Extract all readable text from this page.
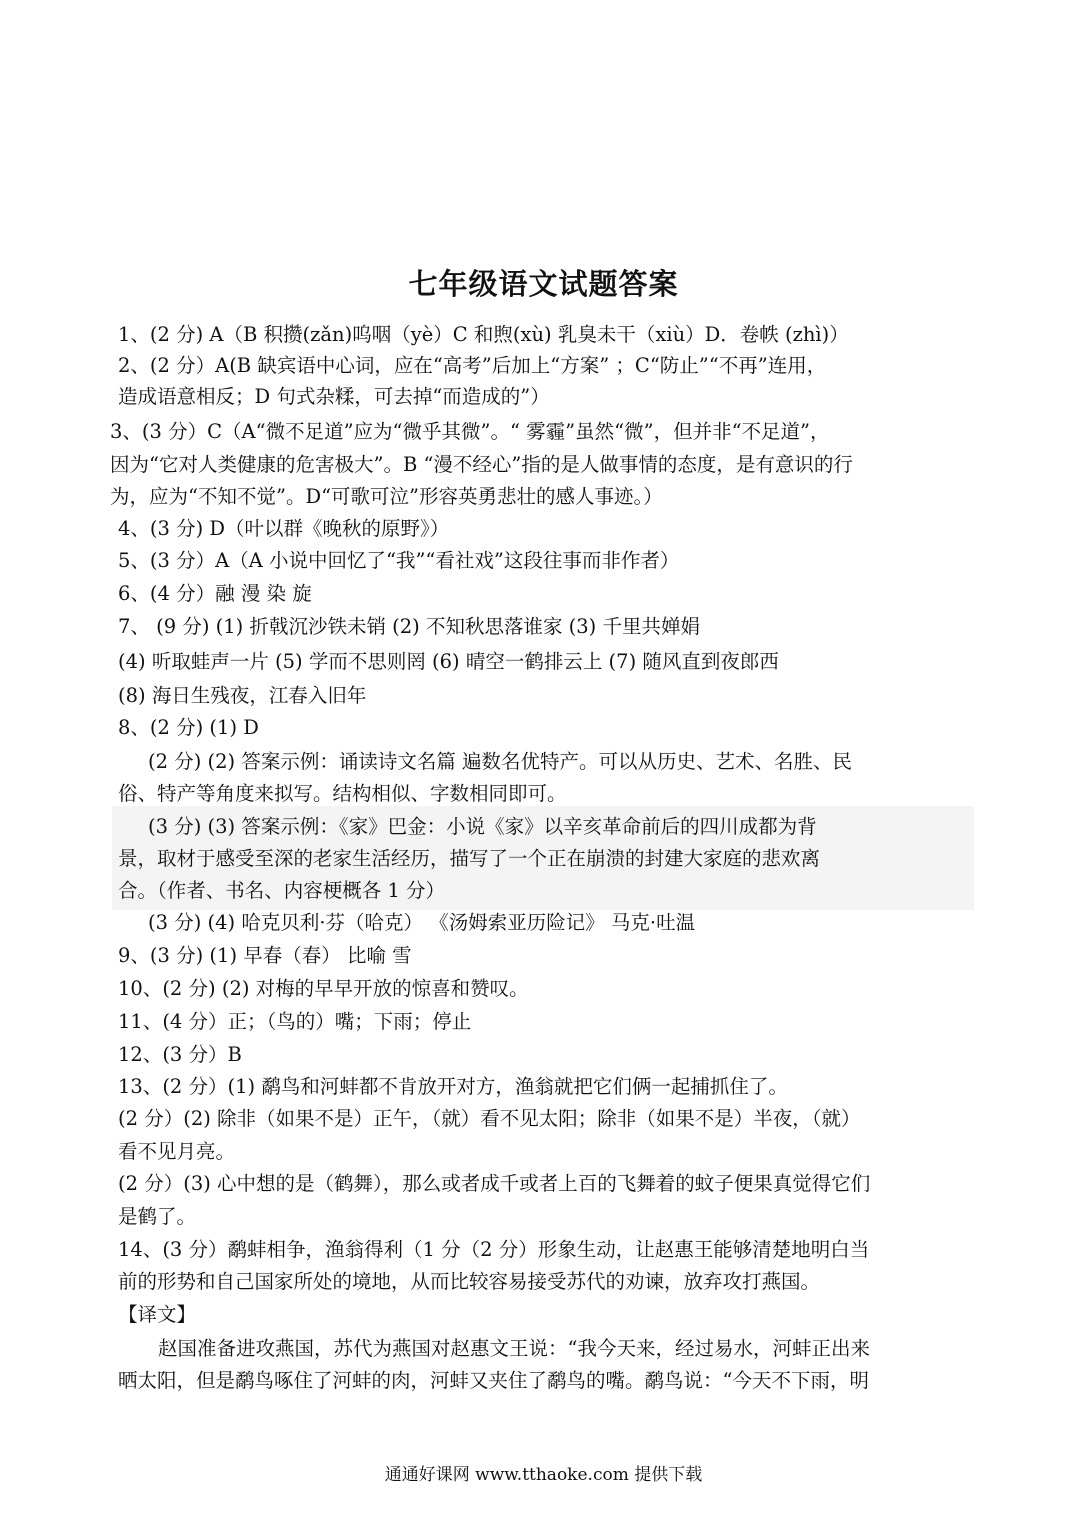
七年级语文试题答案
1、(2 分) A（B 积攒(zǎn)呜咽（yè）C 和煦(xù) 乳臭未干（xiù）D．卷帙 (zhì)）
2、(2 分）A(B 缺宾语中心词，应在“高考”后加上“方案” ；C“防止”“不再”连用，
造成语意相反；D 句式杂糅，可去掉“而造成的”）
3、(3 分）C（A“微不足道”应为“微乎其微”。“ 雾霾”虽然“微”，但并非“不足道”，
因为“它对人类健康的危害极大”。B “漫不经心”指的是人做事情的态度，是有意识的行
为，应为“不知不觉”。D“可歌可泣”形容英勇悲壮的感人事迹。）
4、(3 分) D（叶以群《晚秋的原野》）
5、(3 分）A（A 小说中回忆了“我”“看社戏”这段往事而非作者）
6、(4 分）融 漫 染 旋
7、 (9 分) (1) 折戟沉沙铁未销 (2) 不知秋思落谁家 (3) 千里共婵娟
(4) 听取蛙声一片 (5) 学而不思则罔 (6) 晴空一鹤排云上 (7) 随风直到夜郎西
(8) 海日生残夜，江春入旧年
8、(2 分) (1) D
(2 分) (2) 答案示例：诵读诗文名篇 遍数名优特产。可以从历史、艺术、名胜、民
俗、特产等角度来拟写。结构相似、字数相同即可。
(3 分) (3) 答案示例：《家》巴金：小说《家》以辛亥革命前后的四川成都为背
景，取材于感受至深的老家生活经历，描写了一个正在崩溃的封建大家庭的悲欢离
合。（作者、书名、内容梗概各 1 分）
(3 分) (4) 哈克贝利·芬（哈克） 《汤姆索亚历险记》 马克·吐温
9、(3 分) (1) 早春（春） 比喻 雪
10、(2 分) (2) 对梅的早早开放的惊喜和赞叹。
11、(4 分）正；（鸟的）嘴；下雨；停止
12、(3 分）B
13、(2 分）(1) 鹬鸟和河蚌都不肯放开对方，渔翁就把它们俩一起捕抓住了。
(2 分）(2) 除非（如果不是）正午，（就）看不见太阳；除非（如果不是）半夜，（就）
看不见月亮。
(2 分）(3) 心中想的是（鹤舞），那么或者成千或者上百的飞舞着的蚊子便果真觉得它们
是鹤了。
14、(3 分）鹬蚌相争，渔翁得利（1 分（2 分）形象生动，让赵惠王能够清楚地明白当
前的形势和自己国家所处的境地，从而比较容易接受苏代的劝谏，放弃攻打燕国。
【译文】
赵国准备进攻燕国，苏代为燕国对赵惠文王说：“我今天来，经过易水，河蚌正出来
晒太阳，但是鹬鸟啄住了河蚌的肉，河蚌又夹住了鹬鸟的嘴。鹬鸟说：“今天不下雨，明
通通好课网 www.tthaoke.com 提供下载
